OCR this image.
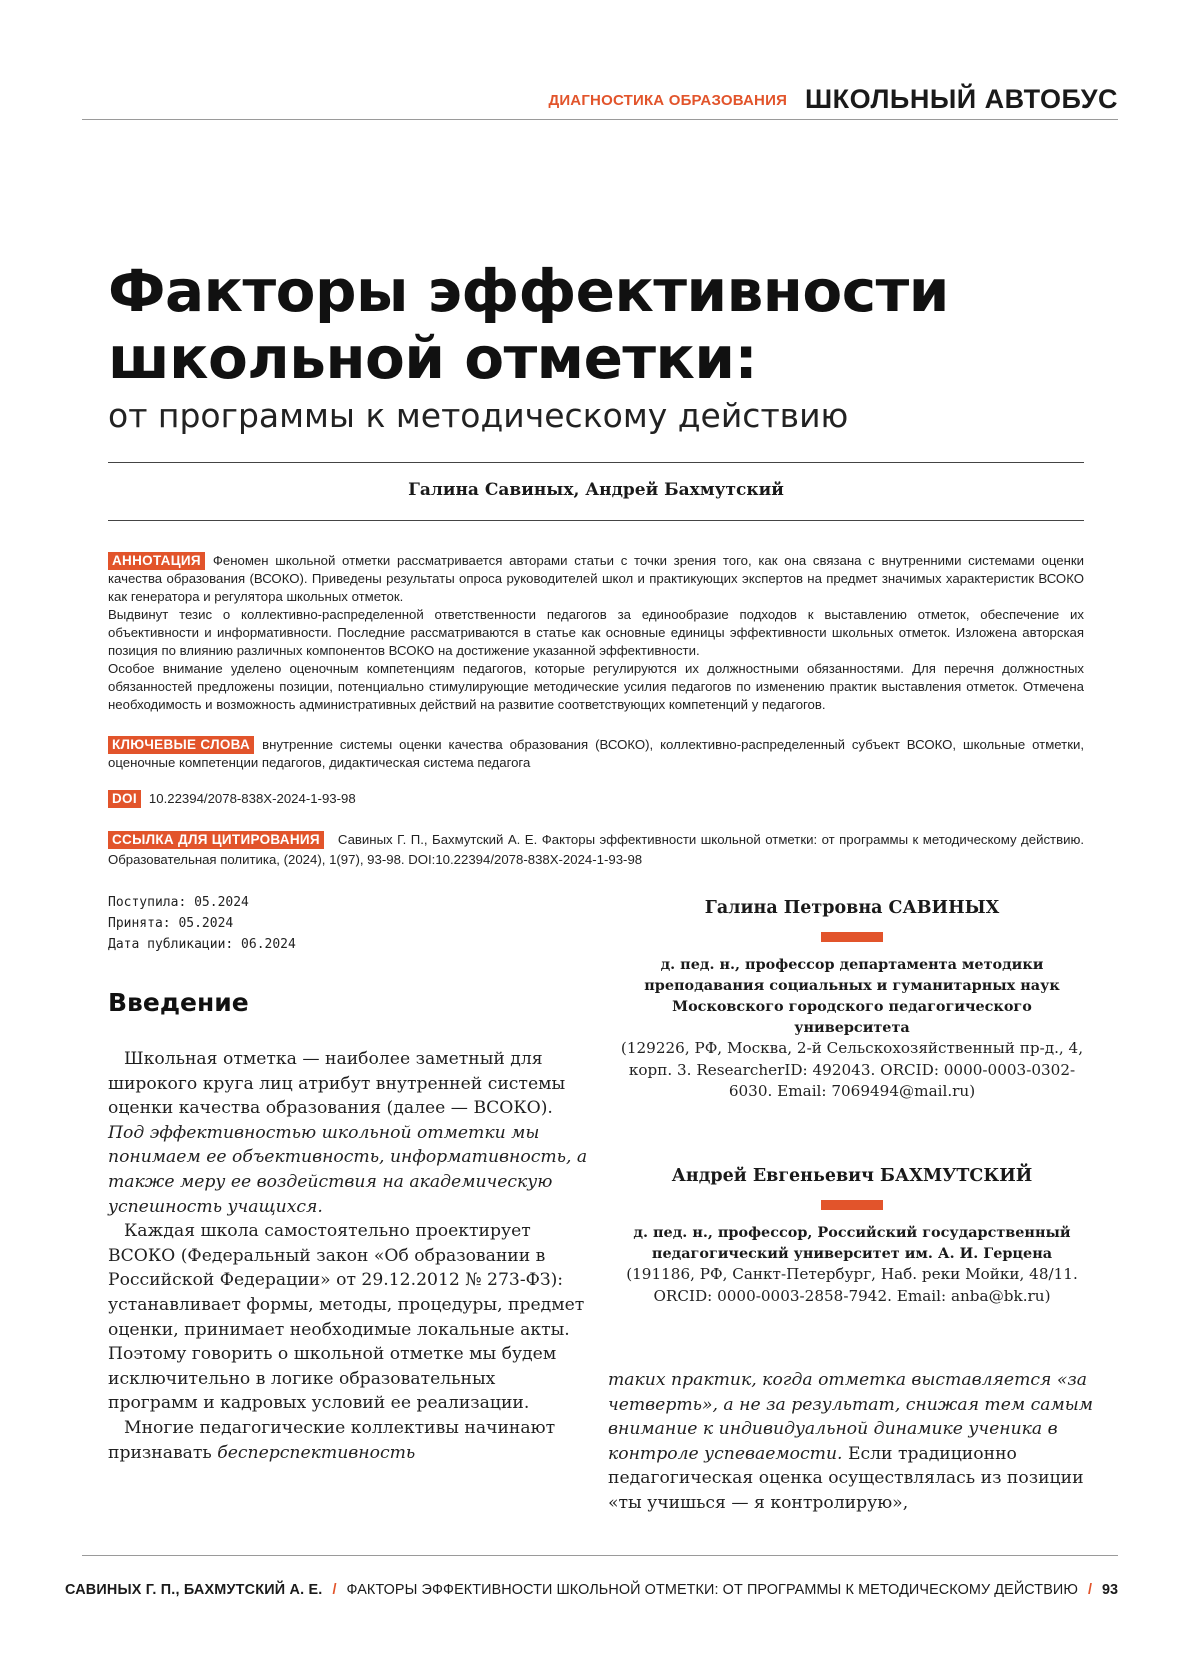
ДИАГНОСТИКА ОБРАЗОВАНИЯ ШКОЛЬНЫЙ АВТОБУС
Факторы эффективности
школьной отметки:

от программы к методическому действию

Галина Савиных, Андрей Бахмутский

АННОТАЦИЯ Феномен школьной отметки рассматривается авторами статьи с точки зрения того, как она связана с внутренними системами оценки качества образования (ВСОКО). Приведены результаты опроса руководителей школ и практикующих экспертов на предмет значимых характеристик ВСОКО как генератора и регулятора школьных отметок.

Выдвинут тезис о коллективно-распределенной ответственности педагогов за единообразие подходов к выставлению отметок, обеспечение их объективности и информативности. Последние рассматриваются в статье как основные единицы эффективности школьных отметок. Изложена авторская позиция по влиянию различных компонентов ВСОКО на достижение указанной эффективности.

Особое внимание уделено оценочным компетенциям педагогов, которые регулируются их должностными обязанностями. Для перечня должностных обязанностей предложены позиции, потенциально стимулирующие методические усилия педагогов по изменению практик выставления отметок. Отмечена необходимость и возможность административных действий на развитие соответствующих компетенций у педагогов.

КЛЮЧЕВЫЕ СЛОВА внутренние системы оценки качества образования (ВСОКО), коллективно-распределенный субъект ВСОКО, школьные отметки, оценочные компетенции педагогов, дидактическая система педагога
DOI 10.22394/2078-838X-2024-1-93-98
ССЫЛКА ДЛЯ ЦИТИРОВАНИЯ Савиных Г. П., Бахмутский А. Е. Факторы эффективности школьной отметки: от программы к методическому действию. Образовательная политика, (2024), 1(97), 93-98. DOI:10.22394/2078-838X-2024-1-93-98
Поступила: 05.2024
Принята: 05.2024
Дата публикации: 06.2024

Галина Петровна САВИНЫХ

д. пед. н., профессор департамента методики преподавания социальных и гуманитарных наук Московского городского педагогического университета

(129226, РФ, Москва, 2-й Сельскохозяйственный пр-д., 4, корп. 3. ResearcherID: 492043. ORCID: 0000-0003-0302-6030. Email: 7069494@mail.ru)

Андрей Евгеньевич БАХМУТСКИЙ

д. пед. н., профессор, Российский государственный педагогический университет им. А. И. Герцена

(191186, РФ, Санкт-Петербург, Наб. реки Мойки, 48/11. ORCID: 0000-0003-2858-7942. Email: anba@bk.ru)

Введение

Школьная отметка — наиболее заметный для широкого круга лиц атрибут внутренней системы оценки качества образования (далее — ВСОКО). Под эффективностью школьной отметки мы понимаем ее объективность, информативность, а также меру ее воздействия на академическую успешность учащихся.

Каждая школа самостоятельно проектирует ВСОКО (Федеральный закон «Об образовании в Российской Федерации» от 29.12.2012 № 273-ФЗ): устанавливает формы, методы, процедуры, предмет оценки, принимает необходимые локальные акты. Поэтому говорить о школьной отметке мы будем исключительно в логике образовательных программ и кадровых условий ее реализации.

Многие педагогические коллективы начинают признавать бесперспективность

таких практик, когда отметка выставляется «за четверть», а не за результат, снижая тем самым внимание к индивидуальной динамике ученика в контроле успеваемости. Если традиционно педагогическая оценка осуществлялась из позиции «ты учишься — я контролирую»,

САВИНЫХ Г. П., БАХМУТСКИЙ А. Е. / ФАКТОРЫ ЭФФЕКТИВНОСТИ ШКОЛЬНОЙ ОТМЕТКИ: ОТ ПРОГРАММЫ К МЕТОДИЧЕСКОМУ ДЕЙСТВИЮ / 93
